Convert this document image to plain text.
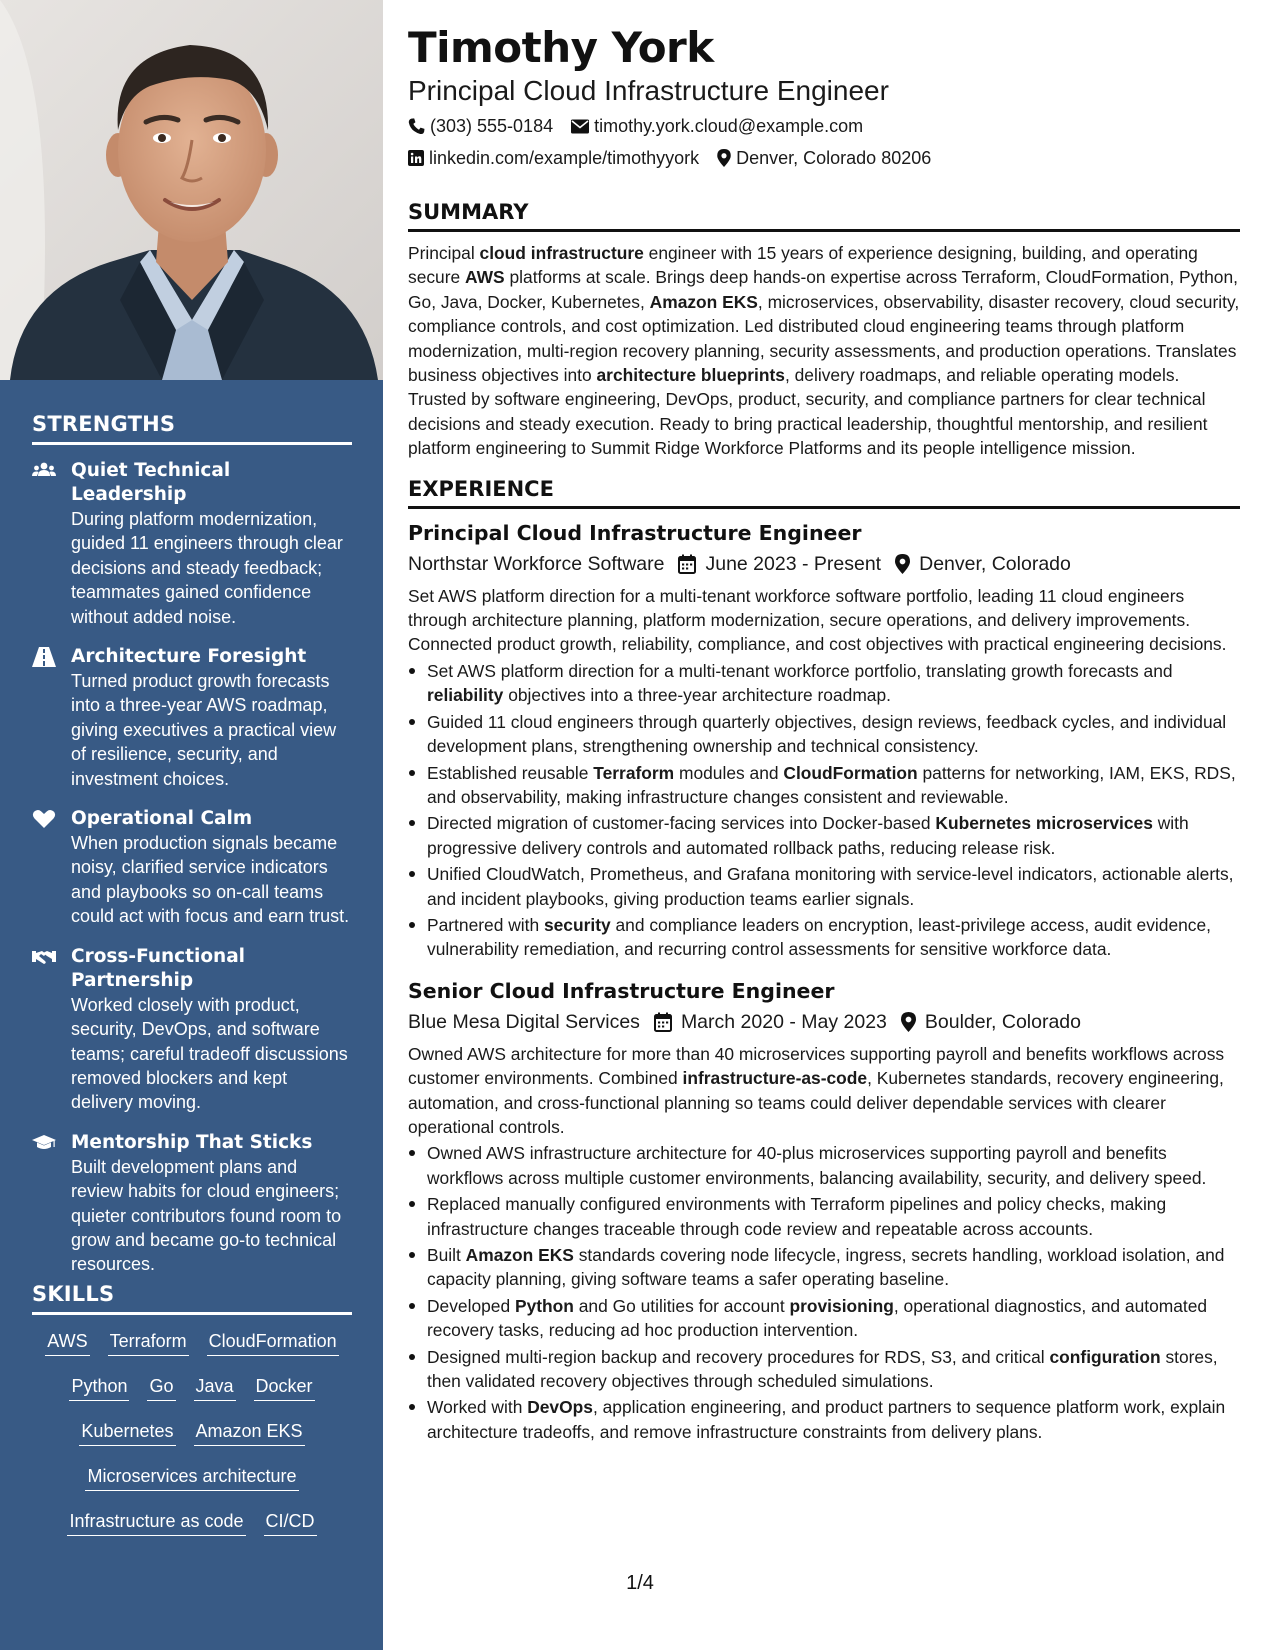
STRENGTHS
Quiet Technical Leadership
During platform modernization, guided 11 engineers through clear decisions and steady feedback; teammates gained confidence without added noise.
Architecture Foresight
Turned product growth forecasts into a three-year AWS roadmap, giving executives a practical view of resilience, security, and investment choices.
Operational Calm
When production signals became noisy, clarified service indicators and playbooks so on-call teams could act with focus and earn trust.
Cross-Functional Partnership
Worked closely with product, security, DevOps, and software teams; careful tradeoff discussions removed blockers and kept delivery moving.
Mentorship That Sticks
Built development plans and review habits for cloud engineers; quieter contributors found room to grow and became go-to technical resources.
SKILLS
AWS Terraform CloudFormation
Python Go Java Docker
Kubernetes Amazon EKS
Microservices architecture
Infrastructure as code CI/CD
Timothy York
Principal Cloud Infrastructure Engineer
(303) 555-0184 timothy.york.cloud@example.com
linkedin.com/example/timothyyork Denver, Colorado 80206
SUMMARY

Principal cloud infrastructure engineer with 15 years of experience designing, building, and operating secure AWS platforms at scale. Brings deep hands-on expertise across Terraform, CloudFormation, Python, Go, Java, Docker, Kubernetes, Amazon EKS, microservices, observability, disaster recovery, cloud security, compliance controls, and cost optimization. Led distributed cloud engineering teams through platform modernization, multi-region recovery planning, security assessments, and production operations. Translates business objectives into architecture blueprints, delivery roadmaps, and reliable operating models. Trusted by software engineering, DevOps, product, security, and compliance partners for clear technical decisions and steady execution. Ready to bring practical leadership, thoughtful mentorship, and resilient platform engineering to Summit Ridge Workforce Platforms and its people intelligence mission.

EXPERIENCE
Principal Cloud Infrastructure Engineer
Northstar Workforce Software June 2023 - Present Denver, Colorado

Set AWS platform direction for a multi-tenant workforce software portfolio, leading 11 cloud engineers through architecture planning, platform modernization, secure operations, and delivery improvements. Connected product growth, reliability, compliance, and cost objectives with practical engineering decisions.

Set AWS platform direction for a multi-tenant workforce portfolio, translating growth forecasts and reliability objectives into a three-year architecture roadmap.
Guided 11 cloud engineers through quarterly objectives, design reviews, feedback cycles, and individual development plans, strengthening ownership and technical consistency.
Established reusable Terraform modules and CloudFormation patterns for networking, IAM, EKS, RDS, and observability, making infrastructure changes consistent and reviewable.
Directed migration of customer-facing services into Docker-based Kubernetes microservices with progressive delivery controls and automated rollback paths, reducing release risk.
Unified CloudWatch, Prometheus, and Grafana monitoring with service-level indicators, actionable alerts, and incident playbooks, giving production teams earlier signals.
Partnered with security and compliance leaders on encryption, least-privilege access, audit evidence, vulnerability remediation, and recurring control assessments for sensitive workforce data.
Senior Cloud Infrastructure Engineer
Blue Mesa Digital Services March 2020 - May 2023 Boulder, Colorado

Owned AWS architecture for more than 40 microservices supporting payroll and benefits workflows across customer environments. Combined infrastructure-as-code, Kubernetes standards, recovery engineering, automation, and cross-functional planning so teams could deliver dependable services with clearer operational controls.

Owned AWS infrastructure architecture for 40-plus microservices supporting payroll and benefits workflows across multiple customer environments, balancing availability, security, and delivery speed.
Replaced manually configured environments with Terraform pipelines and policy checks, making infrastructure changes traceable through code review and repeatable across accounts.
Built Amazon EKS standards covering node lifecycle, ingress, secrets handling, workload isolation, and capacity planning, giving software teams a safer operating baseline.
Developed Python and Go utilities for account provisioning, operational diagnostics, and automated recovery tasks, reducing ad hoc production intervention.
Designed multi-region backup and recovery procedures for RDS, S3, and critical configuration stores, then validated recovery objectives through scheduled simulations.
Worked with DevOps, application engineering, and product partners to sequence platform work, explain architecture tradeoffs, and remove infrastructure constraints from delivery plans.
1/4
